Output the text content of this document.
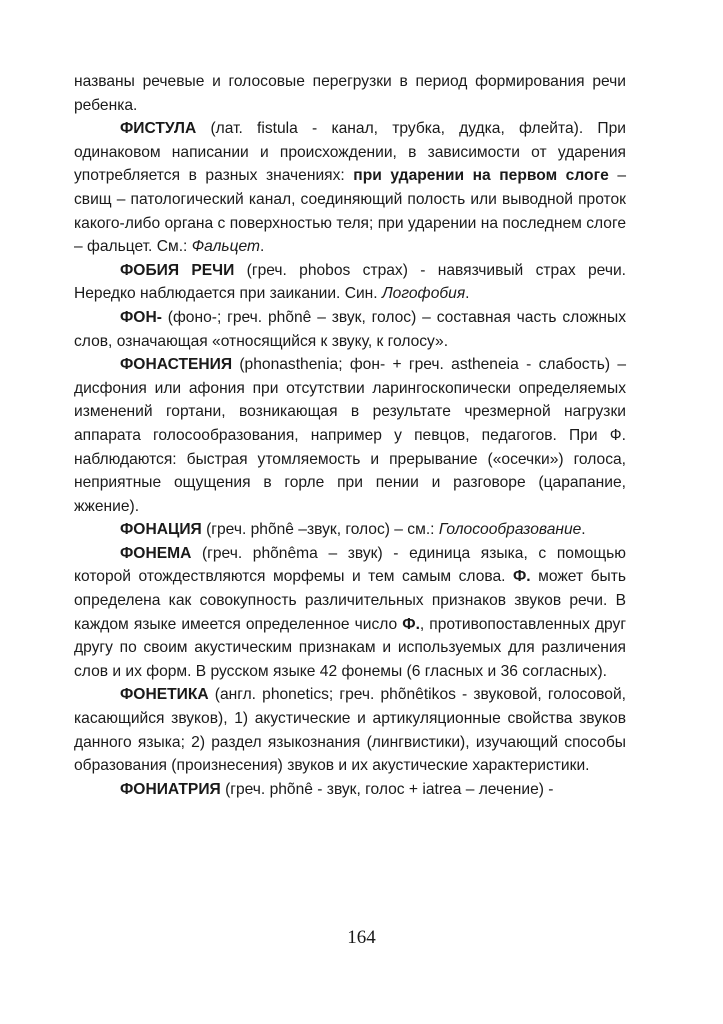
названы речевые и голосовые перегрузки в период формирования речи ребенка.

ФИСТУЛА (лат. fistula - канал, трубка, дудка, флейта). При одинаковом написании и происхождении, в зависимости от ударения употребляется в разных значениях: при ударении на первом слоге – свищ – патологический канал, соединяющий полость или выводной проток какого-либо органа с поверхностью теля; при ударении на последнем слоге – фальцет. См.: Фальцет.

ФОБИЯ РЕЧИ (греч. phobos страх) - навязчивый страх речи. Нередко наблюдается при заикании. Син. Логофобия.

ФОН- (фоно-; греч. phõnê – звук, голос) – составная часть сложных слов, означающая «относящийся к звуку, к голосу».

ФОНАСТЕНИЯ (phonasthenia; фон- + греч. astheneia - слабость) – дисфония или афония при отсутствии ларингоскопически определяемых изменений гортани, возникающая в результате чрезмерной нагрузки аппарата голосообразования, например у певцов, педагогов. При Ф. наблюдаются: быстрая утомляемость и прерывание («осечки») голоса, неприятные ощущения в горле при пении и разговоре (царапание, жжение).

ФОНАЦИЯ (греч. phõnê –звук, голос) – см.: Голосообразование.

ФОНЕМА (греч. phõnêma – звук) - единица языка, с помощью которой отождествляются морфемы и тем самым слова. Ф. может быть определена как совокупность различительных признаков звуков речи. В каждом языке имеется определенное число Ф., противопоставленных друг другу по своим акустическим признакам и используемых для различения слов и их форм. В русском языке 42 фонемы (6 гласных и 36 согласных).

ФОНЕТИКА (англ. phonetics; греч. phõnêtikos - звуковой, голосовой, касающийся звуков), 1) акустические и артикуляционные свойства звуков данного языка; 2) раздел языкознания (лингвистики), изучающий способы образования (произнесения) звуков и их акустические характеристики.

ФОНИАТРИЯ (греч. phõnê - звук, голос + iatrea – лечение) -

164
